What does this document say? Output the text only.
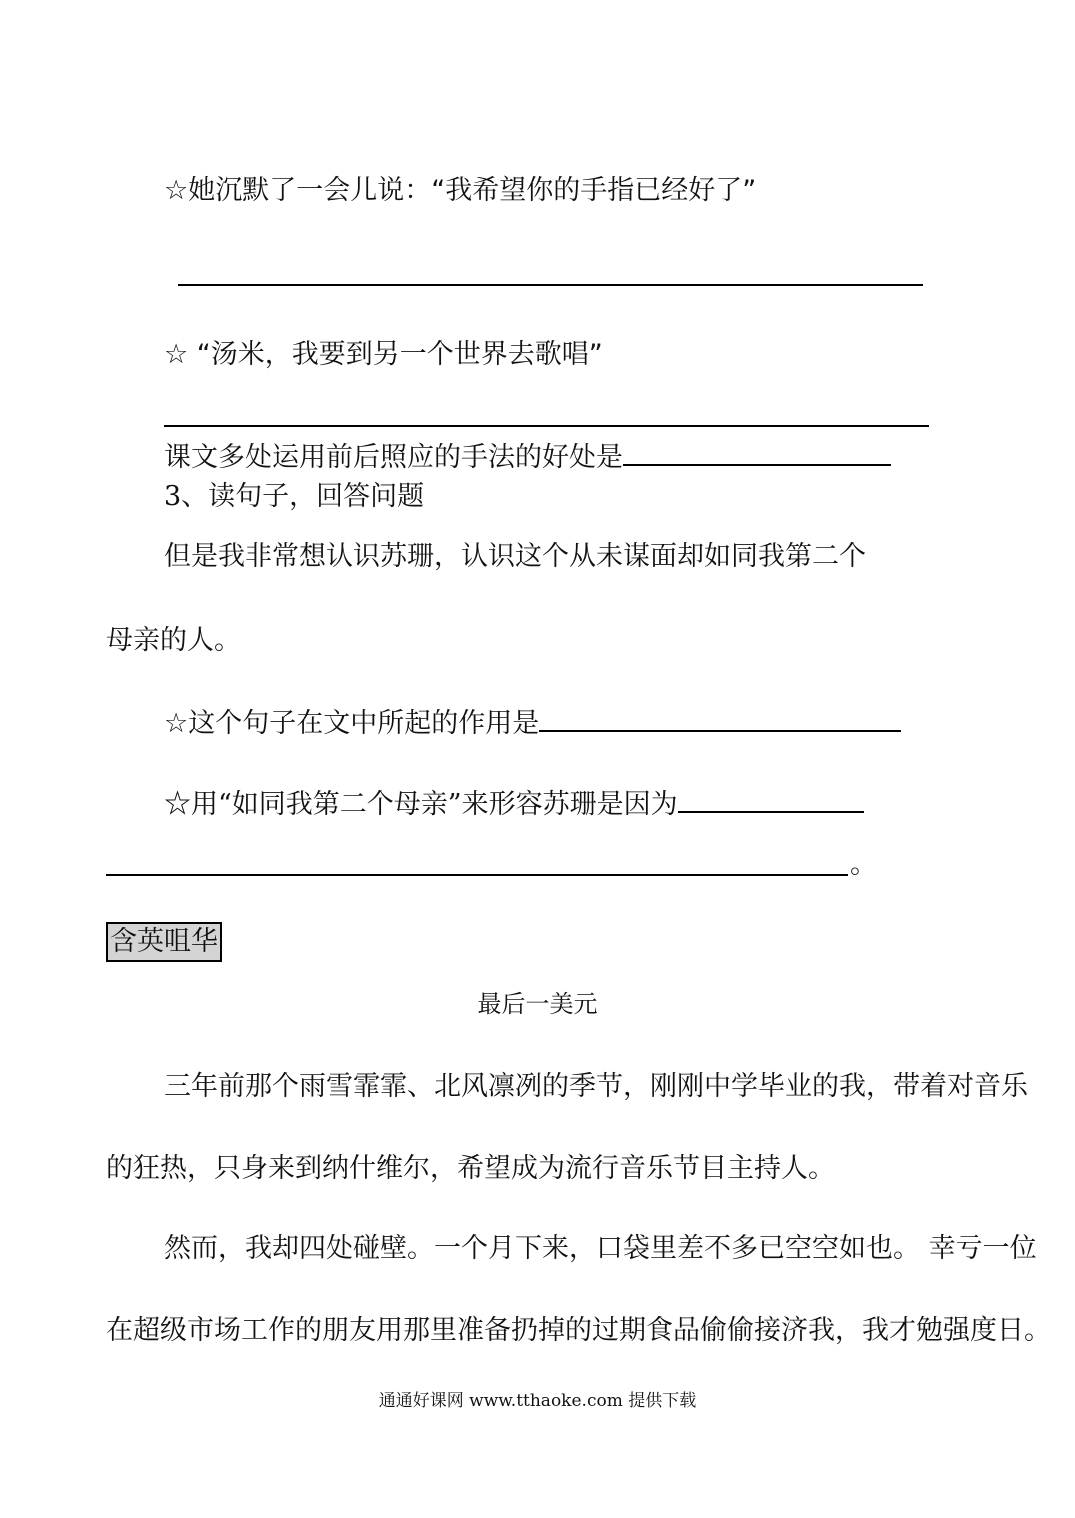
☆她沉默了一会儿说：“我希望你的手指已经好了”
☆ “汤米，我要到另一个世界去歌唱”
课文多处运用前后照应的手法的好处是
3、读句子，回答问题
但是我非常想认识苏珊，认识这个从未谋面却如同我第二个
母亲的人。
☆这个句子在文中所起的作用是
☆用“如同我第二个母亲”来形容苏珊是因为
。
含英咀华
最后一美元
三年前那个雨雪霏霏、北风凛冽的季节，刚刚中学毕业的我，带着对音乐
的狂热，只身来到纳什维尔，希望成为流行音乐节目主持人。
然而，我却四处碰壁。一个月下来，口袋里差不多已空空如也。 幸亏一位
在超级市场工作的朋友用那里准备扔掉的过期食品偷偷接济我，我才勉强度日。
通通好课网 www.tthaoke.com 提供下载
